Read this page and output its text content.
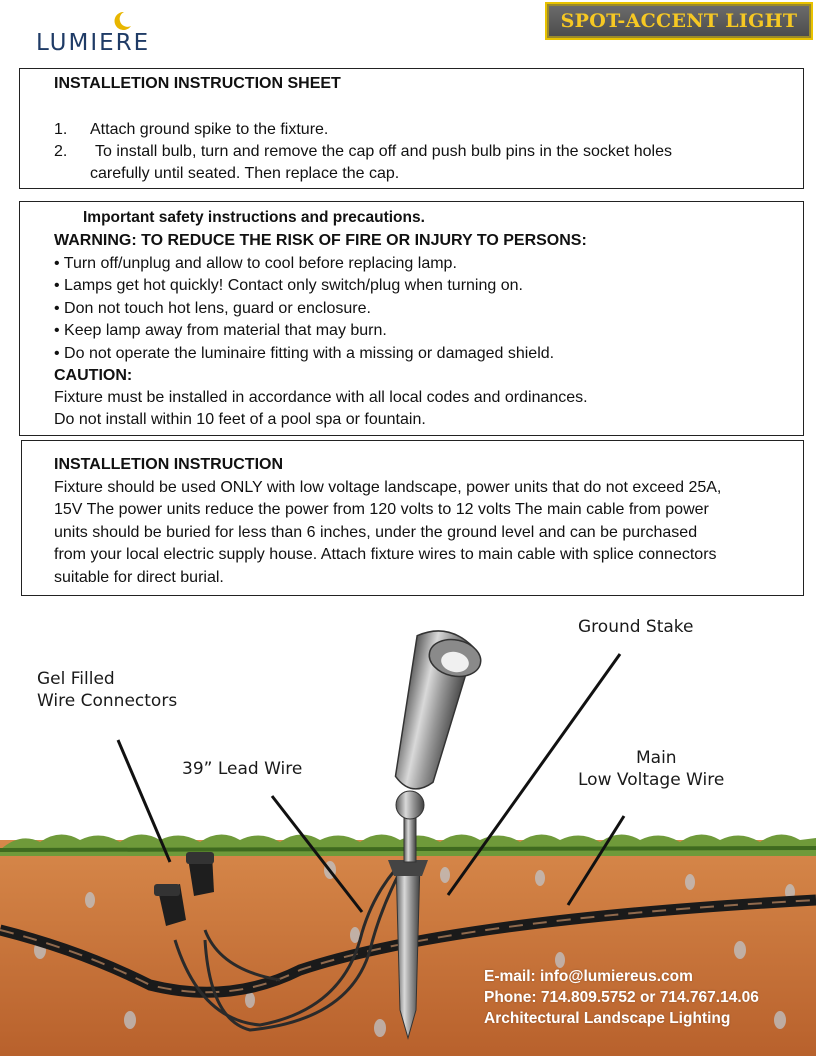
LUMIERE
SPOT-ACCENT LIGHT
INSTALLETION INSTRUCTION SHEET
1. Attach ground spike to the fixture.
2. To install bulb, turn and remove the cap off and push bulb pins in the socket holes
carefully until seated. Then replace the cap.
Important safety instructions and precautions.
WARNING: TO REDUCE THE RISK OF FIRE OR INJURY TO PERSONS:
• Turn off/unplug and allow to cool before replacing lamp.
• Lamps get hot quickly! Contact only switch/plug when turning on.
• Don not touch hot lens, guard or enclosure.
• Keep lamp away from material that may burn.
• Do not operate the luminaire fitting with a missing or damaged shield.
CAUTION:
Fixture must be installed in accordance with all local codes and ordinances.
Do not install within 10 feet of a pool spa or fountain.
INSTALLETION INSTRUCTION
Fixture should be used ONLY with low voltage landscape, power units that do not exceed 25A,
15V The power units reduce the power from 120 volts to 12 volts The main cable from power
units should be buried for less than 6 inches, under the ground level and can be purchased
from your local electric supply house. Attach fixture wires to main cable with splice connectors
suitable for direct burial.
Gel Filled
Wire Connectors
39” Lead Wire
Ground Stake
Main
Low Voltage Wire
E-mail: info@lumiereus.com
Phone: 714.809.5752 or 714.767.14.06
Architectural Landscape Lighting
